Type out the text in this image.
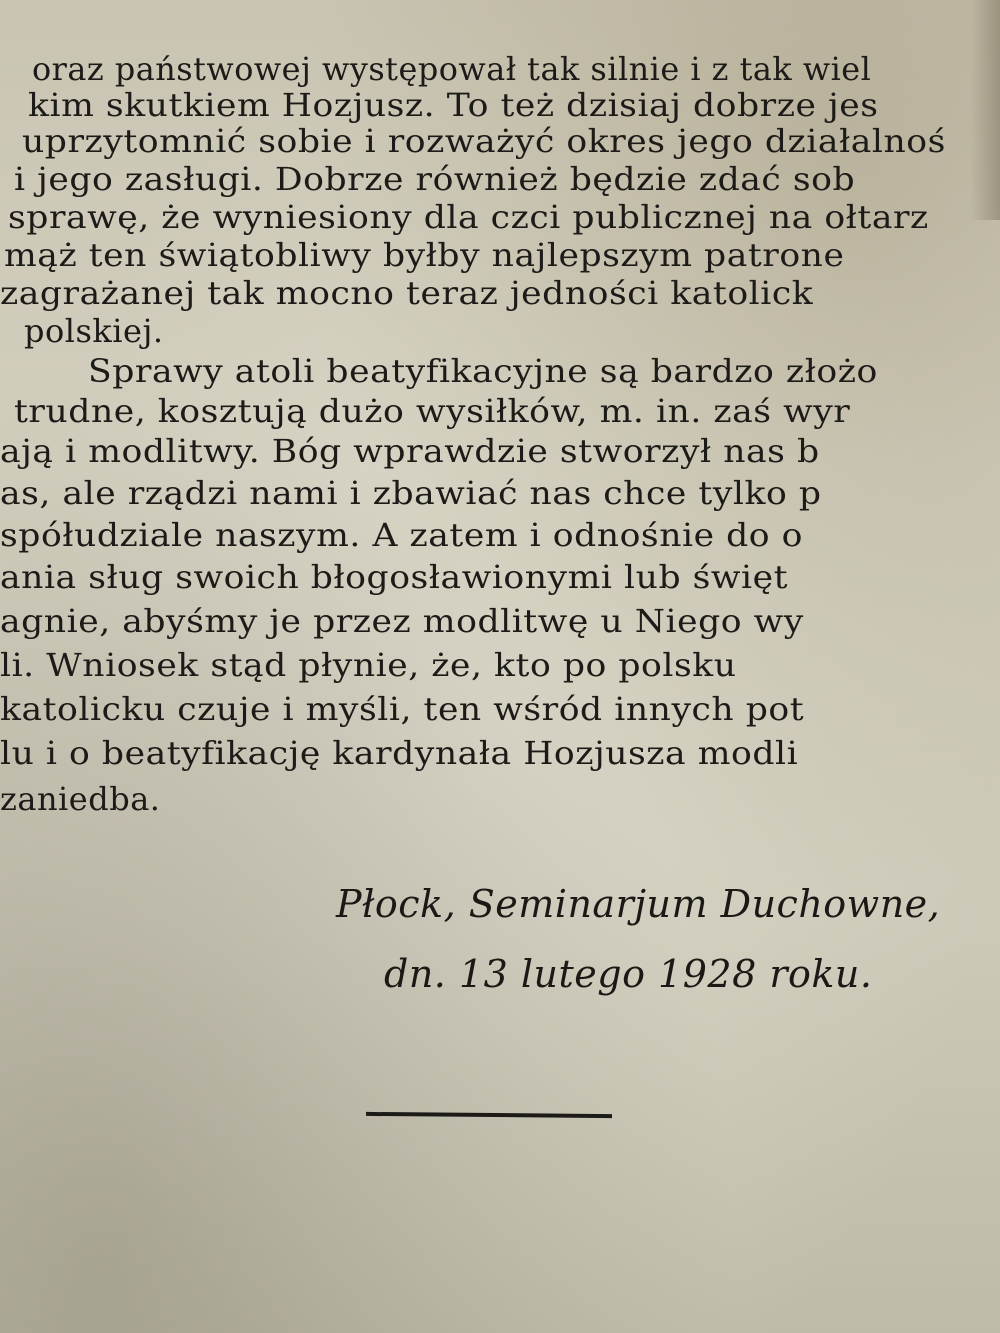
oraz państwowej występował tak silnie i z tak wiel
kim skutkiem Hozjusz. To też dzisiaj dobrze jes
uprzytomnić sobie i rozważyć okres jego działalnoś
i jego zasługi. Dobrze również będzie zdać sob
sprawę, że wyniesiony dla czci publicznej na ołtarz
mąż ten świątobliwy byłby najlepszym patrone
zagrażanej tak mocno teraz jedności katolick
polskiej.
Sprawy atoli beatyfikacyjne są bardzo złożo
trudne, kosztują dużo wysiłków, m. in. zaś wyr
ają i modlitwy. Bóg wprawdzie stworzył nas b
as, ale rządzi nami i zbawiać nas chce tylko p
spółudziale naszym. A zatem i odnośnie do o
ania sług swoich błogosławionymi lub święt
agnie, abyśmy je przez modlitwę u Niego wy
li. Wniosek stąd płynie, że, kto po polsku
katolicku czuje i myśli, ten wśród innych pot
lu i o beatyfikację kardynała Hozjusza modli
zaniedba.
Płock, Seminarjum Duchowne,
dn. 13 lutego 1928 roku.
